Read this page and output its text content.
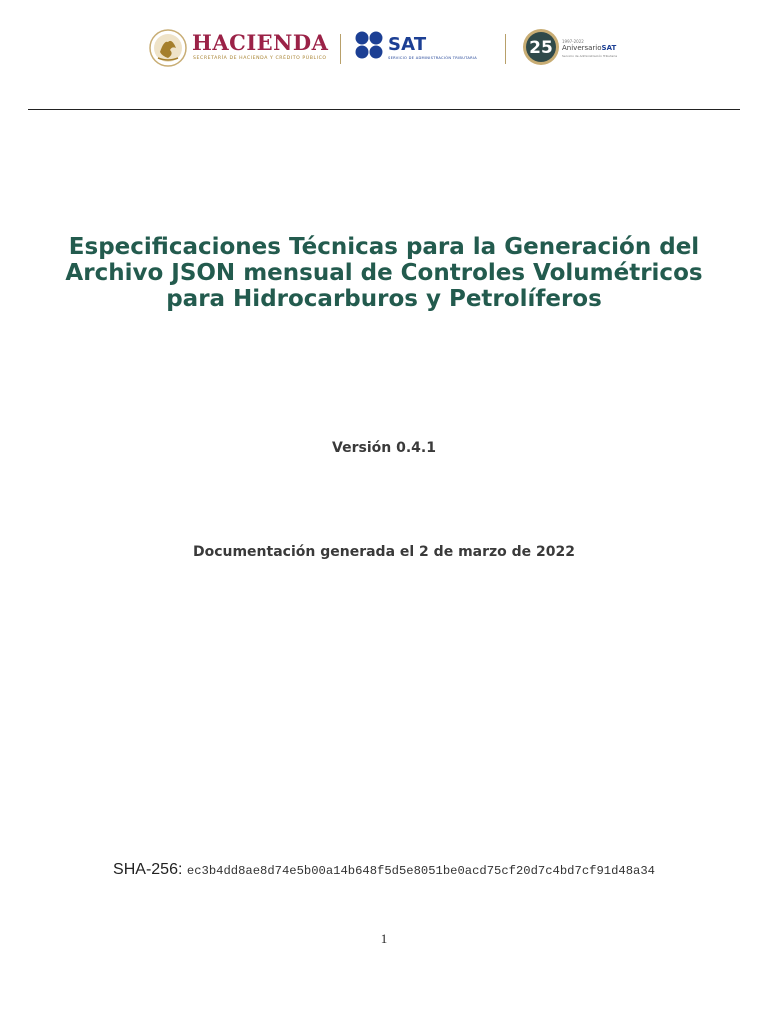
HACIENDA
SECRETARÍA DE HACIENDA Y CRÉDITO PÚBLICO
SAT
SERVICIO DE ADMINISTRACIÓN TRIBUTARIA	25 1997-2022
AniversarioSAT
Servicio de Administración Tributaria
Especificaciones Técnicas para la Generación del Archivo JSON mensual de Controles Volumétricos para Hidrocarburos y Petrolíferos
Versión 0.4.1
Documentación generada el 2 de marzo de 2022
SHA-256: ec3b4dd8ae8d74e5b00a14b648f5d5e8051be0acd75cf20d7c4bd7cf91d48a34
1
